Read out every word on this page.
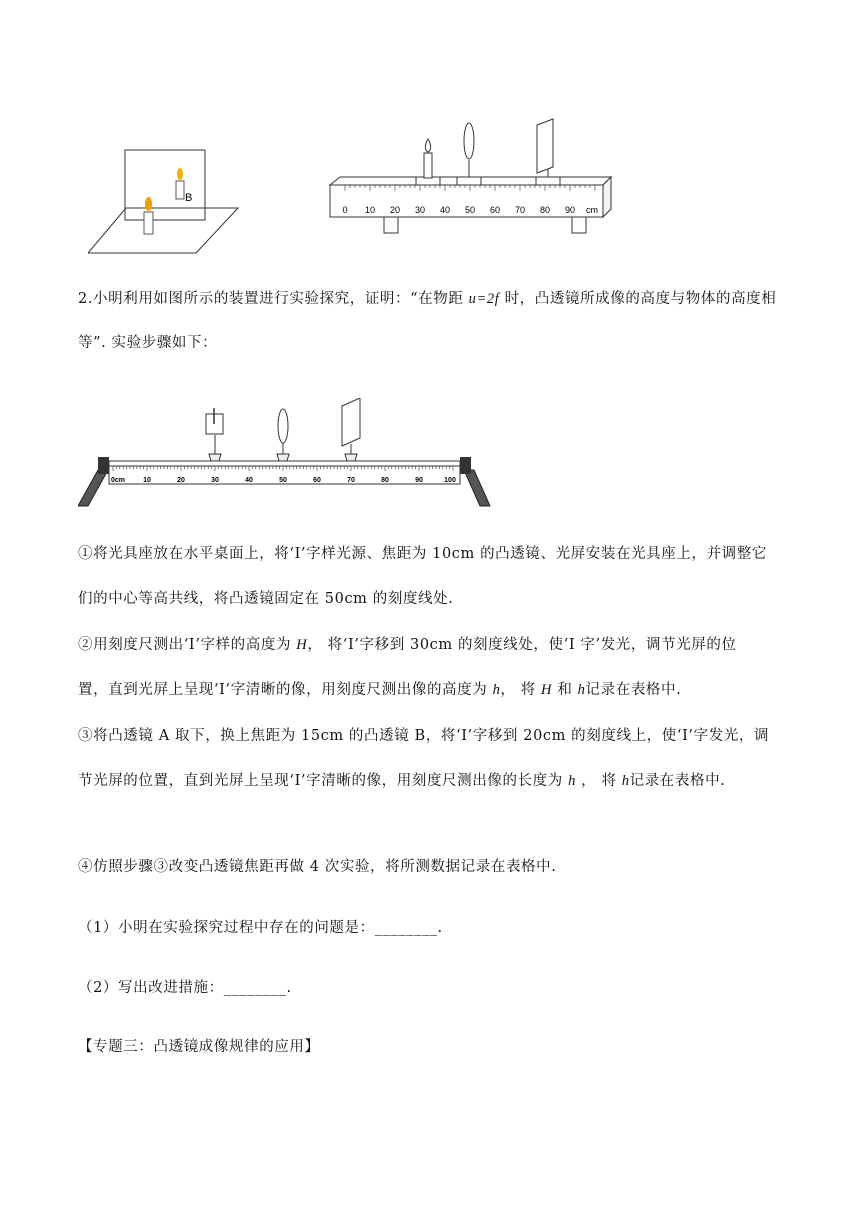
B
0 10 20 30 40 50 60 70 80 90 cm
2.小明利用如图所示的装置进行实验探究，证明：“在物距 u=2f 时，凸透镜所成像的高度与物体的高度相
等”. 实验步骤如下：
0cm	10	20	30	40	50	60	70	80	90	100
①将光具座放在水平桌面上，将‘I’字样光源、焦距为 10cm 的凸透镜、光屏安装在光具座上，并调整它
们的中心等高共线，将凸透镜固定在 50cm 的刻度线处.
②用刻度尺测出‘I’字样的高度为 H， 将‘I’字移到 30cm 的刻度线处，使‘I 字’发光，调节光屏的位
置，直到光屏上呈现‘I’字清晰的像，用刻度尺测出像的高度为 h， 将 H 和 h记录在表格中.
③将凸透镜 A 取下，换上焦距为 15cm 的凸透镜 B，将‘I’字移到 20cm 的刻度线上，使‘I’字发光，调
节光屏的位置，直到光屏上呈现‘I’字清晰的像，用刻度尺测出像的长度为 h ， 将 h记录在表格中.
④仿照步骤③改变凸透镜焦距再做 4 次实验，将所测数据记录在表格中.
（1）小明在实验探究过程中存在的问题是：________.
（2）写出改进措施：________.
【专题三：凸透镜成像规律的应用】
